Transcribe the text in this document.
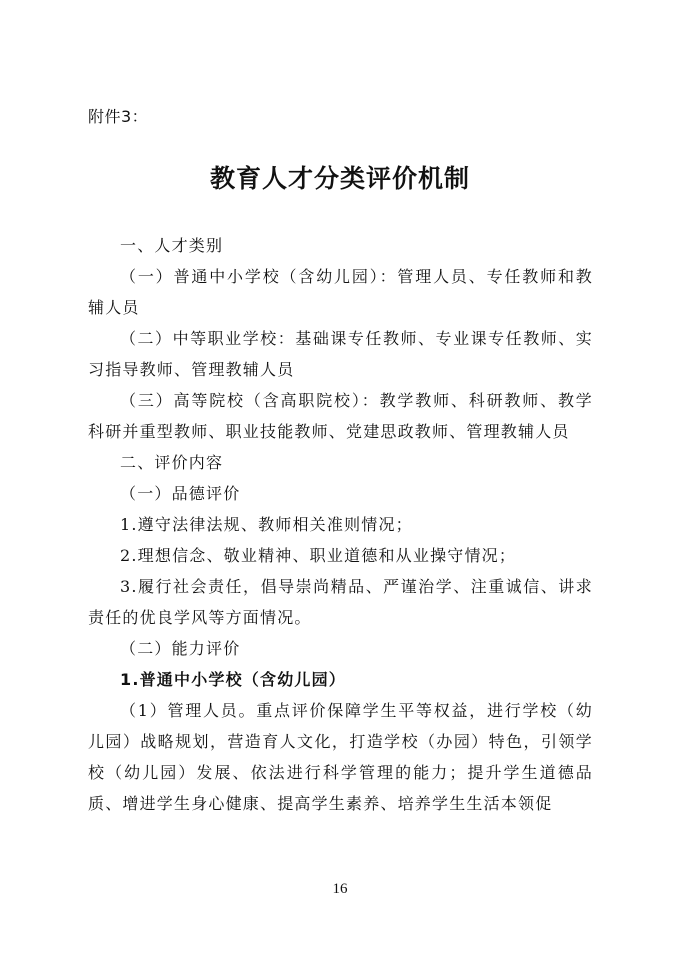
附件3：
教育人才分类评价机制

一、人才类别

（一）普通中小学校（含幼儿园）：管理人员、专任教师和教辅人员

（二）中等职业学校：基础课专任教师、专业课专任教师、实习指导教师、管理教辅人员

（三）高等院校（含高职院校）：教学教师、科研教师、教学科研并重型教师、职业技能教师、党建思政教师、管理教辅人员

二、评价内容

（一）品德评价

1.遵守法律法规、教师相关准则情况；

2.理想信念、敬业精神、职业道德和从业操守情况；

3.履行社会责任，倡导崇尚精品、严谨治学、注重诚信、讲求责任的优良学风等方面情况。

（二）能力评价

1.普通中小学校（含幼儿园）

（1）管理人员。重点评价保障学生平等权益，进行学校（幼儿园）战略规划，营造育人文化，打造学校（办园）特色，引领学校（幼儿园）发展、依法进行科学管理的能力；提升学生道德品质、增进学生身心健康、提高学生素养、培养学生生活本领促

16
